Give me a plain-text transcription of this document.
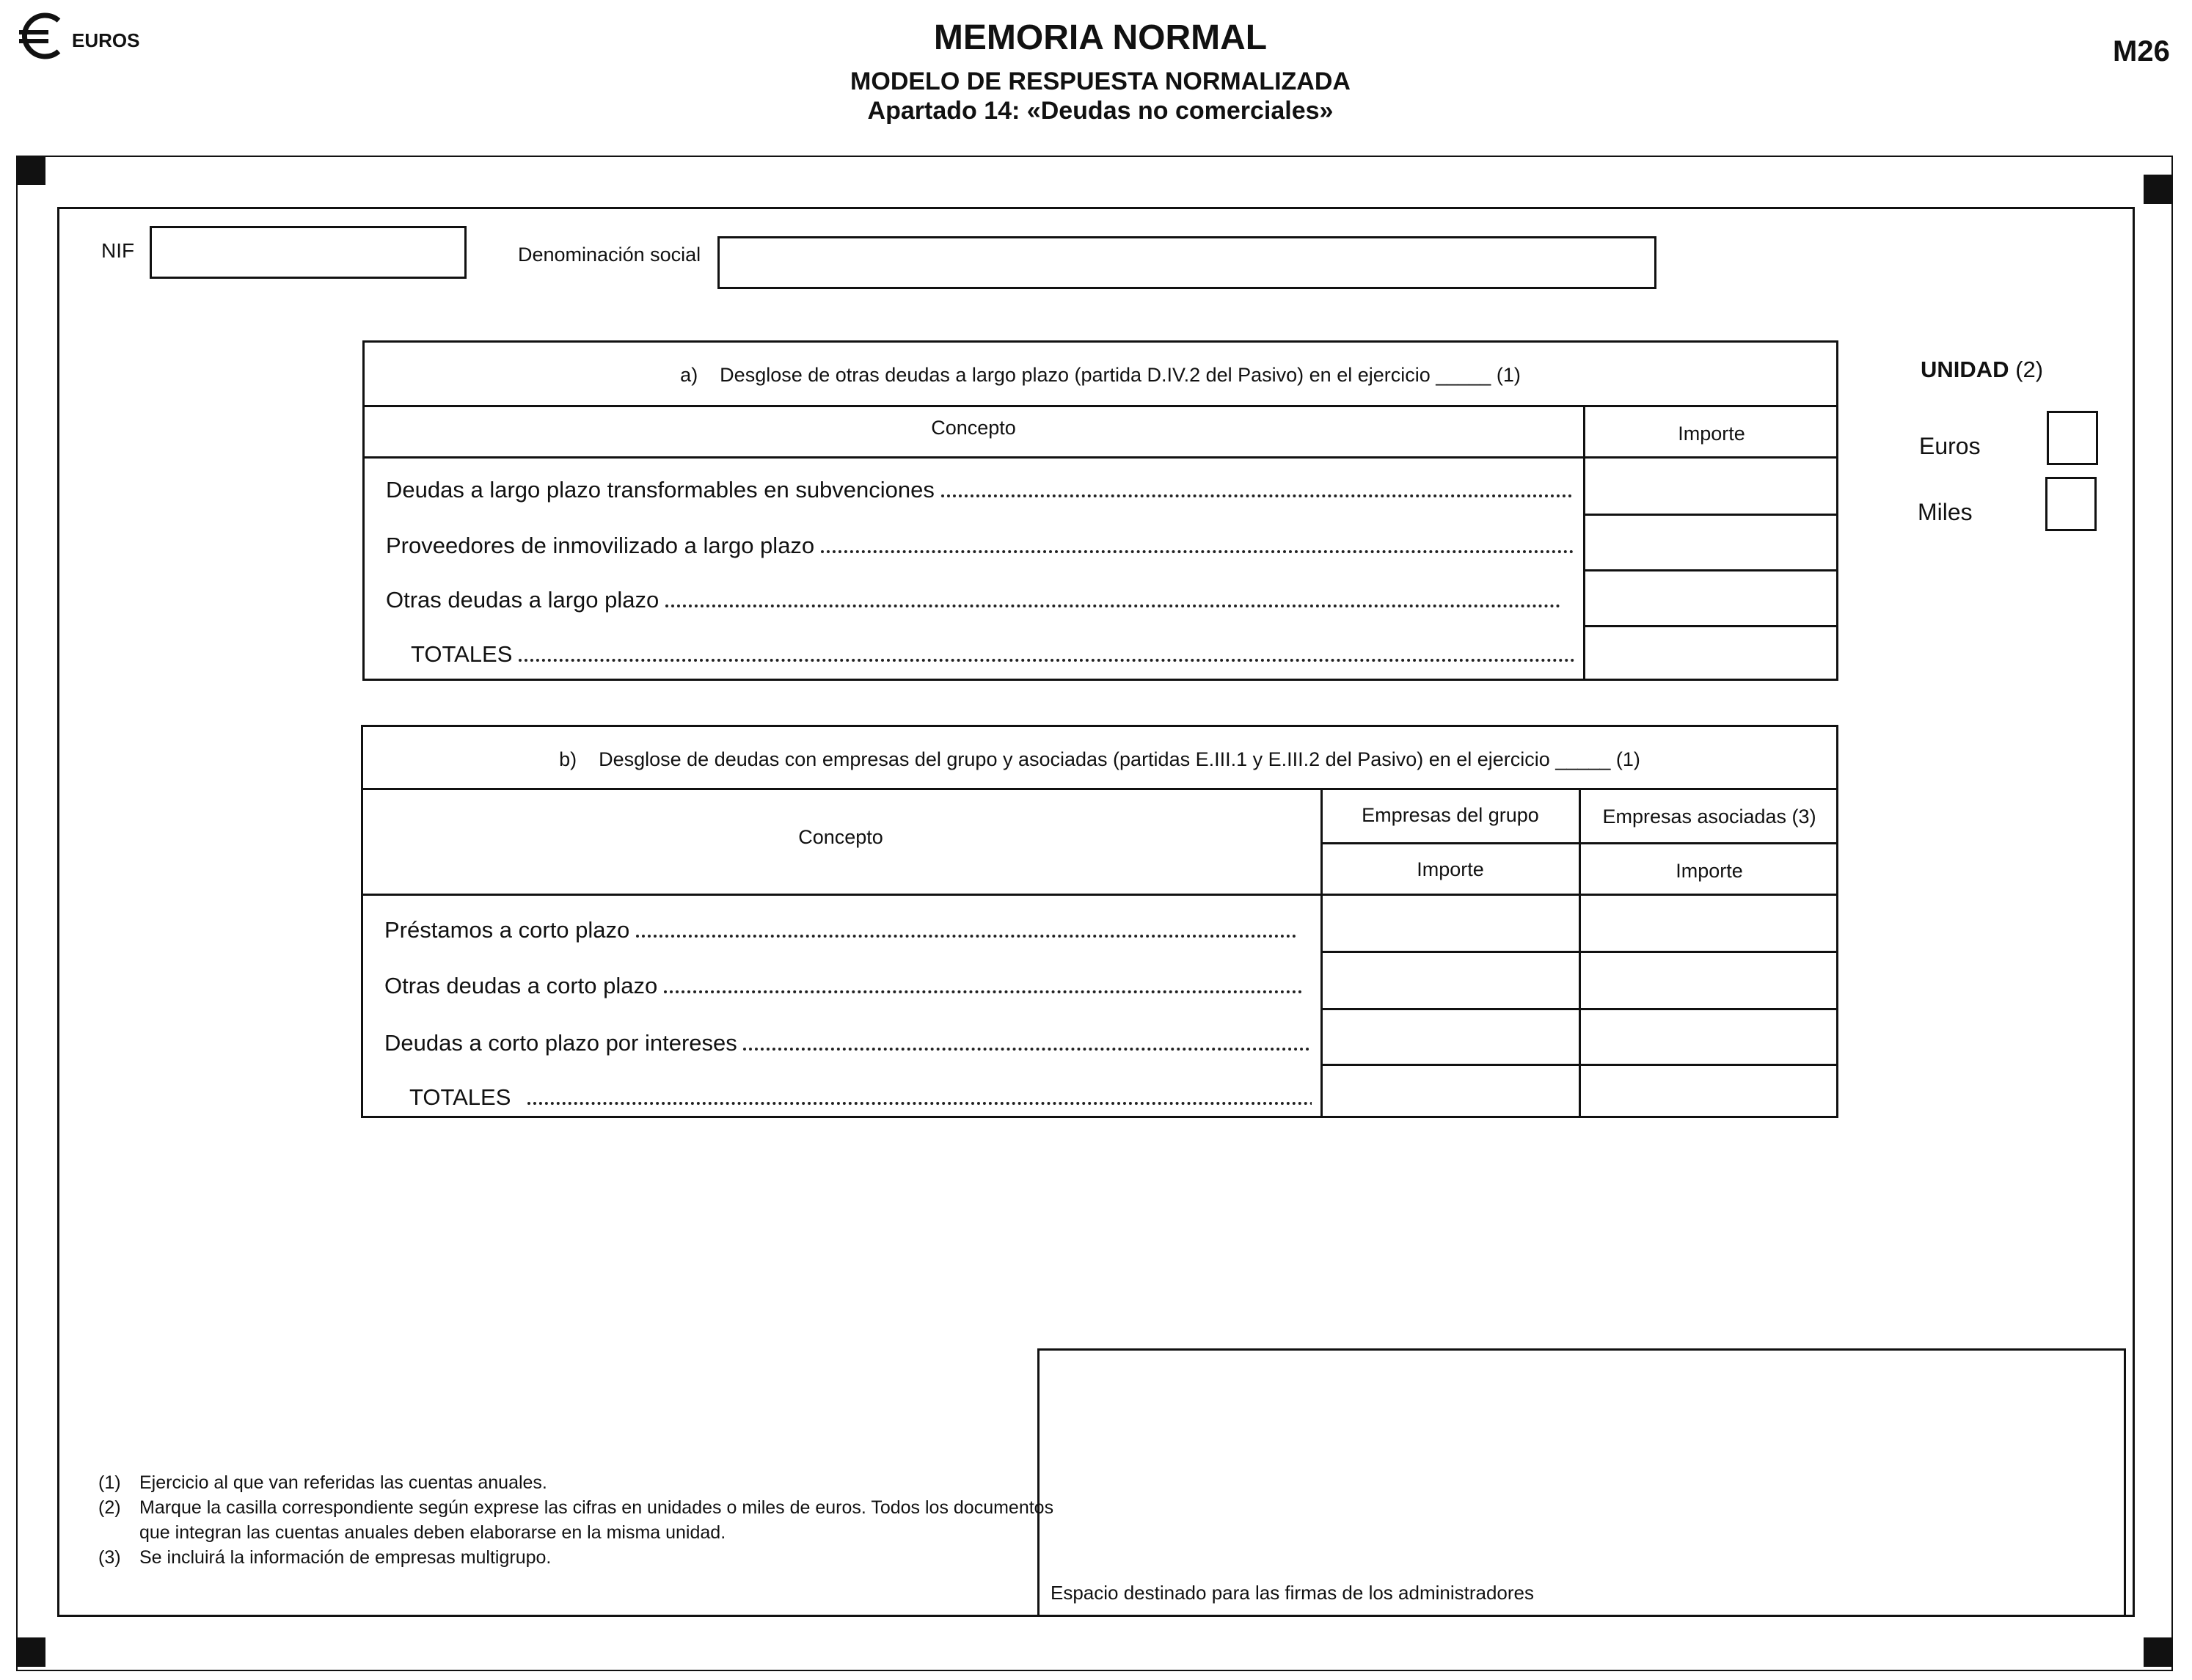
EUROS	MEMORIA NORMAL
MODELO DE RESPUESTA NORMALIZADA
Apartado 14: «Deudas no comerciales»
M26
NIF	Denominación social
UNIDAD (2)
Euros
Miles
a)    Desglose de otras deudas a largo plazo (partida D.IV.2 del Pasivo) en el ejercicio _____ (1)
Concepto	Importe
Deudas a largo plazo transformables en subvenciones
Proveedores de inmovilizado a largo plazo
Otras deudas a largo plazo
TOTALES
b)    Desglose de deudas con empresas del grupo y asociadas (partidas E.III.1 y E.III.2 del Pasivo) en el ejercicio _____ (1)
Concepto
Empresas del grupo	Empresas asociadas (3)
Importe	Importe
Préstamos a corto plazo
Otras deudas a corto plazo
Deudas a corto plazo por intereses
TOTALES
Espacio destinado para las firmas de los administradores
(1) Ejercicio al que van referidas las cuentas anuales.
(2) Marque la casilla correspondiente según exprese las cifras en unidades o miles de euros. Todos los documentos que integran las cuentas anuales deben elaborarse en la misma unidad.
(3) Se incluirá la información de empresas multigrupo.
